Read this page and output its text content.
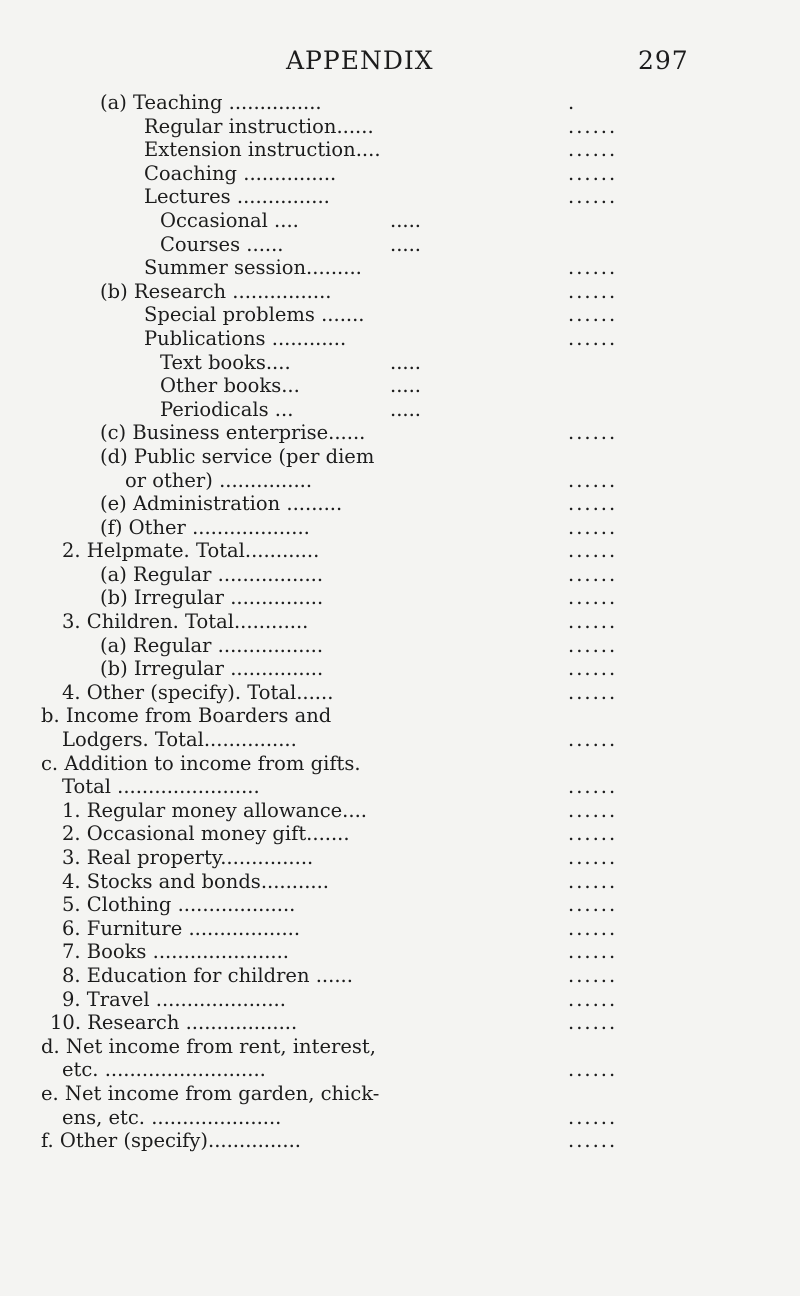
APPENDIX	297
(a) Teaching ...............	.
Regular instruction......	......
Extension instruction....	......
Coaching ...............	......
Lectures ...............	......
Occasional ....	.....
Courses ......	.....
Summer session.........	......
(b) Research ................	......
Special problems .......	......
Publications ............	......
Text books....	.....
Other books...	.....
Periodicals ...	.....
(c) Business enterprise......	......
(d) Public service (per diem
or other) ...............	......
(e) Administration .........	......
(f) Other ...................	......
2. Helpmate. Total............	......
(a) Regular .................	......
(b) Irregular ...............	......
3. Children. Total............	......
(a) Regular .................	......
(b) Irregular ...............	......
4. Other (specify). Total......	......
b. Income from Boarders and
Lodgers. Total...............	......
c. Addition to income from gifts.
Total .......................	......
1. Regular money allowance....	......
2. Occasional money gift.......	......
3. Real property...............	......
4. Stocks and bonds...........	......
5. Clothing ...................	......
6. Furniture ..................	......
7. Books ......................	......
8. Education for children ......	......
9. Travel .....................	......
10. Research ..................	......
d. Net income from rent, interest,
etc. ..........................	......
e. Net income from garden, chick-
ens, etc. .....................	......
f. Other (specify)...............	......
